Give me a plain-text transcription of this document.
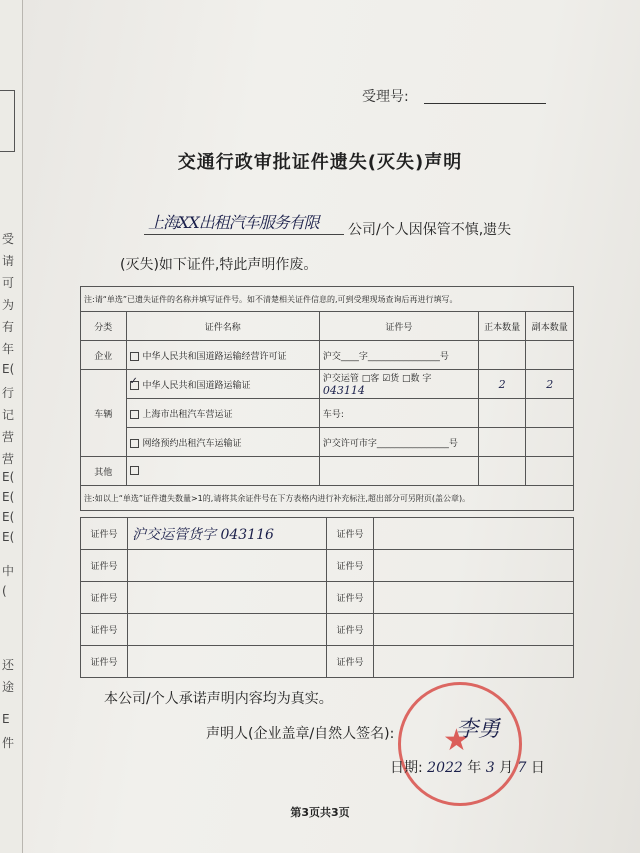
受
请
可
为
有
年
E(
行
记
营
营
E(
E(
E(
E(
中
(
还
途
E
件
受理号:
交通行政审批证件遗失(灭失)声明
上海XX出租汽车服务有限 公司/个人因保管不慎,遗失
(灭失)如下证件,特此声明作废。
注:请“单选”已遗失证件的名称并填写证件号。如不清楚相关证件信息的,可到受理现场查询后再进行填写。				
分类	证件名称	证件号	正本数量	副本数量
企业	中华人民共和国道路运输经营许可证	沪交____字________________号		
车辆	✓中华人民共和国道路运输证	沪交运管 □客 ☑货 □数 字 043114	2	2
	上海市出租汽车营运证	车号:		
	网络预约出租汽车运输证	沪交许可市字________________号		
其他				
注:如以上“单选”证件遗失数量>1的,请将其余证件号在下方表格内进行补充标注,超出部分可另附页(盖公章)。				
证件号	沪交运管货字 043116	证件号	
证件号		证件号	
证件号		证件号	
证件号		证件号	
证件号		证件号	
★
本公司/个人承诺声明内容均为真实。
声明人(企业盖章/自然人签名):	李勇
日期: 2022 年 3 月 7 日
第3页共3页
